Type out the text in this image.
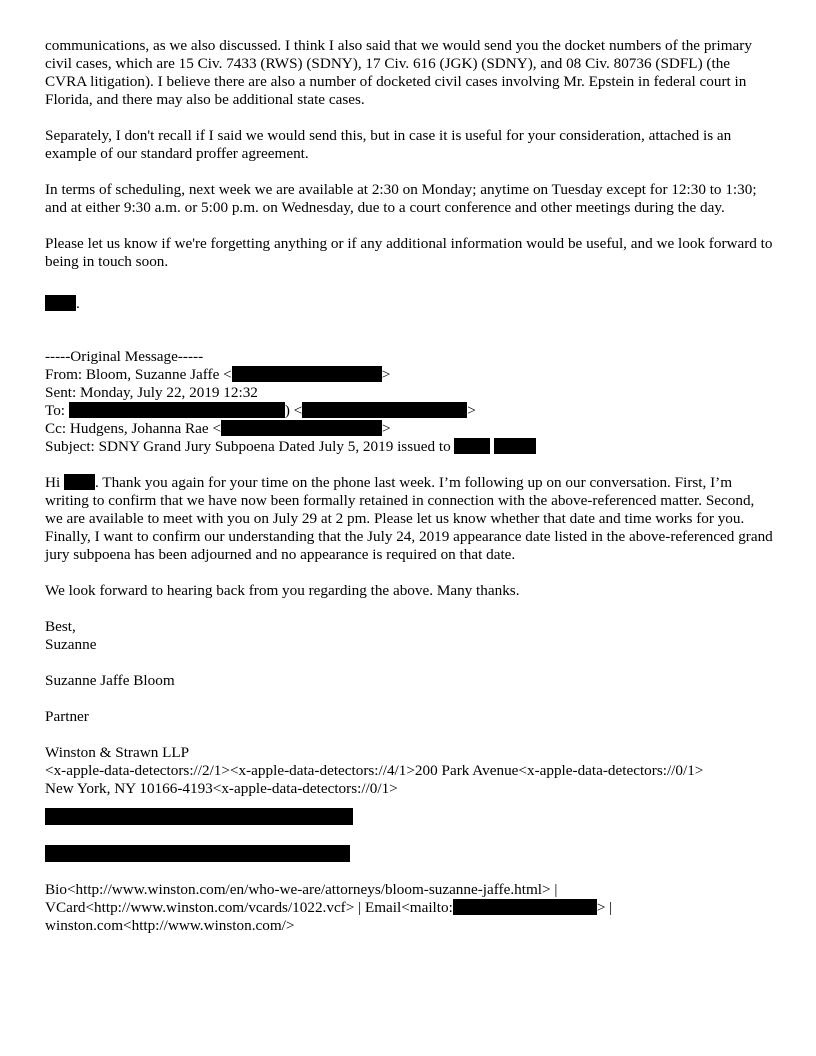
communications, as we also discussed. I think I also said that we would send you the docket numbers of the primary civil cases, which are 15 Civ. 7433 (RWS) (SDNY), 17 Civ. 616 (JGK) (SDNY), and 08 Civ. 80736 (SDFL) (the CVRA litigation). I believe there are also a number of docketed civil cases involving Mr. Epstein in federal court in Florida, and there may also be additional state cases.

Separately, I don't recall if I said we would send this, but in case it is useful for your consideration, attached is an example of our standard proffer agreement.

In terms of scheduling, next week we are available at 2:30 on Monday; anytime on Tuesday except for 12:30 to 1:30; and at either 9:30 a.m. or 5:00 p.m. on Wednesday, due to a court conference and other meetings during the day.

Please let us know if we're forgetting anything or if any additional information would be useful, and we look forward to being in touch soon.

.

-----Original Message-----

From: Bloom, Suzanne Jaffe <	>

Sent: Monday, July 22, 2019 12:32

To:	) <	>

Cc: Hudgens, Johanna Rae <	>

Subject: SDNY Grand Jury Subpoena Dated July 5, 2019 issued to

Hi . Thank you again for your time on the phone last week. I’m following up on our conversation. First, I’m writing to confirm that we have now been formally retained in connection with the above-referenced matter. Second, we are available to meet with you on July 29 at 2 pm. Please let us know whether that date and time works for you. Finally, I want to confirm our understanding that the July 24, 2019 appearance date listed in the above-referenced grand jury subpoena has been adjourned and no appearance is required on that date.

We look forward to hearing back from you regarding the above. Many thanks.

Best,

Suzanne

Suzanne Jaffe Bloom

Partner

Winston & Strawn LLP

<x-apple-data-detectors://2/1><x-apple-data-detectors://4/1>200 Park Avenue<x-apple-data-detectors://0/1>

New York, NY 10166-4193<x-apple-data-detectors://0/1>

Bio<http://www.winston.com/en/who-we-are/attorneys/bloom-suzanne-jaffe.html> |

VCard<http://www.winston.com/vcards/1022.vcf> | Email<mailto:	> |

winston.com<http://www.winston.com/>
